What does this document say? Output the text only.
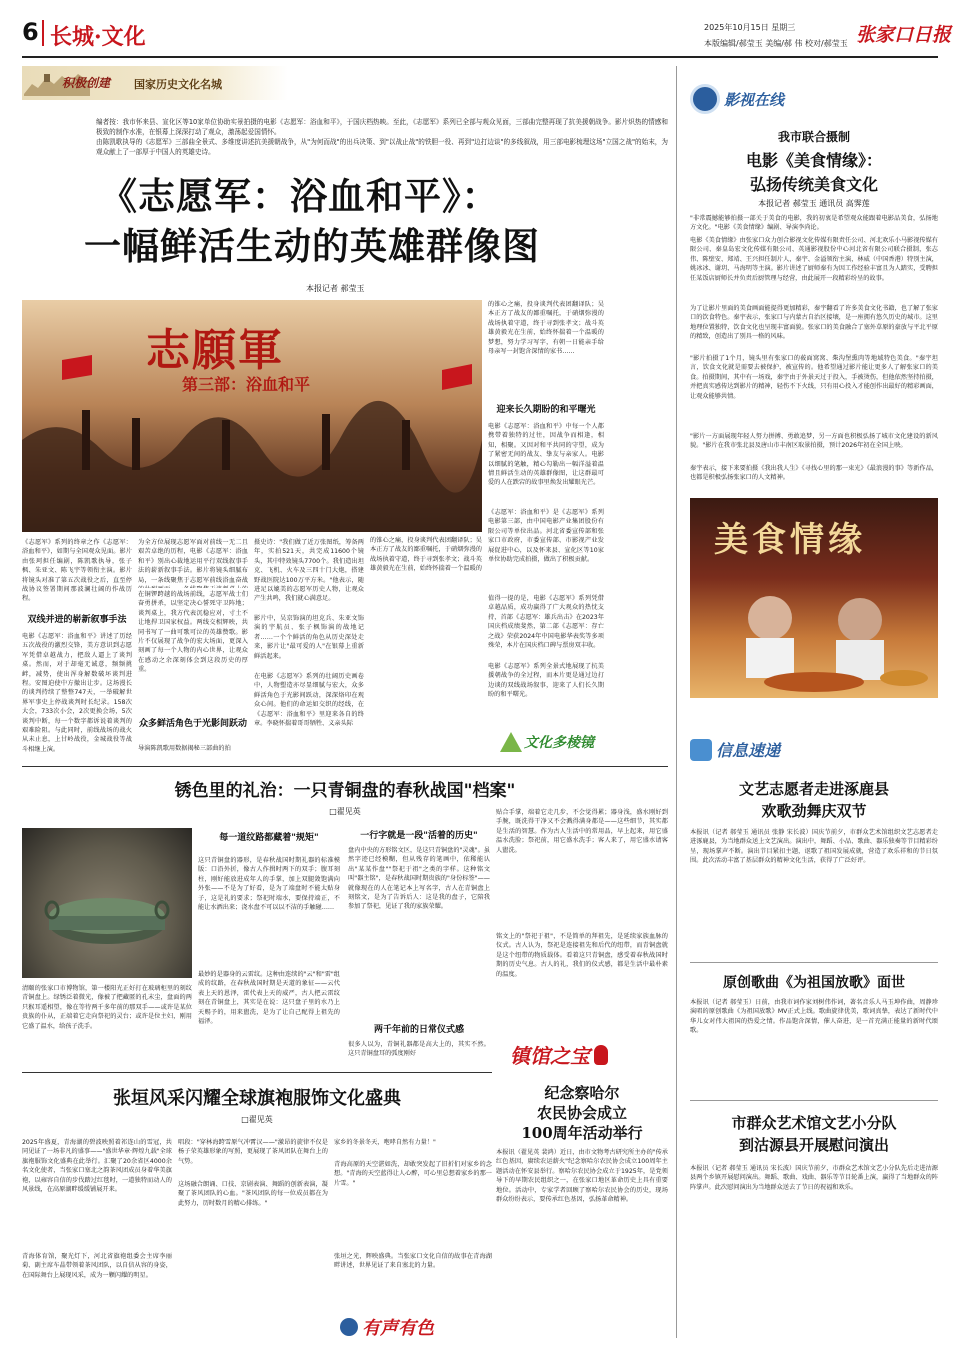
6 长城·文化	2025年10月15日 星期三
本版编辑/郝莹玉 美编/郝 伟 校对/郝莹玉 张家口日报
积极创建 国家历史文化名城
编者按：我市怀来县、宣化区等10家单位协助实景拍摄的电影《志愿军：浴血和平》，于国庆档热映。至此，《志愿军》系列已全部与观众见面，三部曲完整再现了抗美援朝战争。影片炽热的情感和极致的制作水准，在银幕上深深打动了观众，激荡起爱国情怀。
由陈凯歌执导的《志愿军》三部曲全景式、多维度讲述抗美援朝战争，从"为何而战"的出兵决策、到"以战止战"的铁胆一役、再到"边打边谈"的多线叙战，用三部电影梳理这场"立国之战"的始末，为观众献上了一部厚于中国人的英雄史诗。
《志愿军：浴血和平》：
一幅鲜活生动的英雄群像图
本报记者 郝莹玉
志願軍
第三部：浴血和平
《志愿军》系列的终章之作《志愿军：浴血和平》，如期与全国观众见面。影片由张珂担任编剧，陈凯歌执导，张子枫、朱亚文、陈飞宇等领衔主演。影片将镜头对准了第五次战役之后，直至停战协议签署期间那波澜壮阔的作战历程。
双线并进的崭新叙事手法
电影《志愿军：浴血和平》讲述了历经五次战役的激烈交锋，美方意识到志愿军凭借卓越战力，把敌人逼上了谈判桌。然而，对于却毫无诚意，频频挑衅，减势，使出浑身解数破坏谈判进程。安图迫使中方撤出让步。这场漫长的谈判持续了整整747天，一举破解世界军事史上停战谈判时长纪录。158次大会，733次小会，2次更换会场，5次谈判中断，每一个数字都诉说着谈判的艰难险阻。与此同时，前线战场的战火从未止息，上甘岭战役，金城战役等战斗相继上演。
为全方位展现志愿军面对前线一无二且艰苦卓绝的历程，电影《志愿军：浴血和平》别出心裁地运用平行双线叙事手法的崭新叙事手法。影片将镜头细腻布局，一条线聚焦于志愿军前线浴血奋战
在铜锣跨越的战场前线，志愿军战士们奋勇拼杀，以坚定决心誓死守卫阵地；谈判桌上，我方代表沉稳应对，寸土不让地捍卫国家权益。两线交相辉映，共同书写了一曲可歌可泣的英雄赞歌。影片不仅展现了战争的宏大场面，更深入刻画了每一个人物的内心世界，让观众在感动之余深刻体会到这段历史的厚重。
众多鲜活角色于光影间跃动
导演陈凯歌用数据揭秘三部曲的拍
摄史诗："我们做了近万张图纸，筹备两年，实拍521天，共完成11600个镜头，其中特效镜头7700个。我们造出坦克、飞机、火车及三四十门大炮，搭建野战医院达100万平方米。"他表示，随进足以媲美的志愿军历史人物，让观众产生共鸣，我们就心满意足。
影片中，吴京饰演的坦克兵、朱亚文饰演的宇航员、张子枫饰演的战地记者……一个个鲜活的角色从历史深处走来，影片让"最可爱的人"在银幕上重新鲜活起来。
在电影《志愿军》系列的壮阔历史画卷中，人物塑造亦尽显细腻与宏大，众多鲜活角色于光影间跃动，深深烙印在观众心间。他们的命运如交织的经线，在《志愿军：浴血和平》里迎来各自的终章。李晓怀揣着哥哥牺牲、义亲头际
的锥心之痛，投身谈判代表团翻译队；吴本正方了战友的鄙重嘱托，于硝烟弥漫的战场执着守道，终于寻到张孝文；战斗英雄黄毅光在生前，始终怀揣着一个温暖的
的锥心之痛，投身谈判代表团翻译队；吴本正方了战友的鄙重嘱托，于硝烟弥漫的战场执着守道，终于寻到张孝文；战斗英雄黄毅光在生前，始终怀揣着一个温暖的梦想，努力学习写字，有朝一日能亲手给母亲写一封饱含深情的家书……
迎来长久期盼的和平曙光
电影《志愿军：浴血和平》中每一个人都携带着独特的过往，因战争而相逢，相知，相聚。又因对和平共同的守望，成为了紧密无间的战友、挚友与亲家人。电影以细腻的笔触，精心勾勒出一幅洋溢着温情且鲜活生动的英雄群像图，让这群最可爱的人在跌宕的故事里焕发出耀眼光芒。
《志愿军：浴血和平》是《志愿军》系列电影第三部，由中国电影产业集团股份有限公司等单位出品。河北省委宣传部和张家口市政府，市委宣传部、市影视产业发展促进中心，以及怀来县、宣化区等10家单位协助完成拍摄，做出了积极贡献。
值得一提的是，电影《志愿军》系列凭借卓越品质，成功赢得了广大观众的热忱支持，首部《志愿军：雄兵出击》在2023年国庆档成绩斐然，第二部《志愿军：存亡之战》荣获2024年中国电影华表奖等多项殊荣，本片在国庆档口碑与票房双丰收。
电影《志愿军》系列全景式地展现了抗美援朝战争的全过程，而本片更是通过边打边谈的双线战场叙事，迎来了人们长久期盼的和平曙光。
影视在线
我市联合摄制
电影《美食情缘》：
弘扬传统美食文化
本报记者 郝莹玉 通讯员 高霁莲
"非常震撼能够拍摄一部关于美食的电影，我的初衷是希望观众能跟着电影品美食，弘扬地方文化。"电影《美食情缘》编剧、导演李尚论。
电影《美食情缘》由张家口众力创合影视文化传媒有限责任公司、河北欢乐小马影视传媒有限公司、秦皇岛宏文化传媒有限公司、英通影视股份中心河北省有限公司联合摄制，张志伟、陈壁安、郑靖、王兴担任制片人，秦宇、金溢领衔主演，林威（中国香港）特别主演，姚冰冰、谢玥、马海明等主演。影片讲述了厨师秦有为因工作经验丰富且为人踏实，受聘担任某饭店厨师长并负责后厨管理与经营，由此展开一段精彩纷呈的故事。
为了让影片里面的美食画面能提得更加精彩，秦宇翻看了许多美食文化书籍，也了解了张家口的饮食特色。秦宇表示，张家口与内蒙古自治区接壤，是一座拥有悠久历史的城市。这里地理位置独特，饮食文化也呈现丰富面貌。张家口的美食融合了塞外草原的豪放与平北平原的精致，创造出了别具一格的风味。
"影片拍摄了1个月，镜头里有张家口的莜面窝窝、柴沟堡熏肉等地域特色美食。"秦宇坦言，饮食文化就是需要去被保护，被宣传的。他希望通过影片能让更多人了解张家口的美食。拍摄期间，其中有一场戏，秦宇由于外景天过于投入，手被烫伤，但他依然坚持拍摄，并把真实感传达到影片的精神，轻伤不下火线，只有用心投入才能创作出最好的精彩画面，让观众能够共情。
"影片一方面展现年轻人努力拼搏、勇敢追梦，另一方面也积极弘扬了城市文化建设的新风貌。"影片在我市张北县及唐山市丰南区取景拍摄，预计2026年初在全国上映。
秦宇表示，接下来要拍摄《我出我人生》《寻找心里的那一束光》《最浪漫的事》等新作品，也都是积极弘扬张家口的人文精神。
美食情缘
文化多棱镜
锈色里的礼治：一只青铜盘的春秋战国"档案"
□翟见英
清颐的张家口市博物馆，第一楼阳光正好打在玻璃柜里的刻纹青铜盘上。绿锈泛着微光，像被了把藏匿的孔末尘，盘面的两只猴耳遥相望，像在等待两千多年前的那双手——或许是某位贵族的仆从，正端着它走向祭祀的灵台；或许是位主妇，刚用它盛了温水，给孩子洗手。
每一道纹路都藏着"规矩"
这只青铜盘的器形，是春秋战国时期礼器的标准模版：口沿外折，像古人作揖时两下的双手；腹耳刻柱，刚好能放进成年人的手掌，加上双腿敛饱满向外张——不是为了好看，是为了端盘时不能太贴身子，这是礼的要求；祭祀时端水，要保持端正，不能让水洒出来；浇水盘不可以以不洁的手触碰……
最妙的是器身的云雷纹。这种由连续的"云"和"雷"组成的纹路，在春秋战国时期是天道的象征——云代表上天的恩泽，雷代表上天的威严，古人把云雷纹刻在青铜盘上，其实是在说：这只盘子里的水乃上天赐予的，用来盥洗，是为了让自己配得上祖先的福泽。
一行字就是一段"活着的历史"
盘内中央的方形铭文区，是这只青铜盘的"灵魂"。虽然字迹已经模糊，但从残存的笔画中，依稀能认出"某某作盘""祭祀于祖"之类的字样。这种铭文叫"器主铭"，是春秋战国时期贵族的"身份标签"——就像现在的人在笔记本上写名字，古人在青铜盘上刻铭文，是为了告诉后人：这是我的盘子，它陪我参加了祭祀，见证了我的家族荣耀。
两千年前的日常仪式感
很多人以为，青铜礼器都是高大上的，其实不然。这只青铜盘耳的弧度刚好
贴合手掌，端着它走几步，不会觉得累；器身浅，盛水刚好到手腕，既洗得干净又不会溅得满身都是——这些细节，其实都是生活的智慧。作为古人生活中的常用品，早上起来，用它盛温水洗脸；祭祀前，用它盛水洗手；客人来了，用它盛水请客人盥洗。
铭文上的"祭祀于祖"，不是简单的拜祖先，是延续家族血脉的仪式。古人认为，祭祀是连接祖先和后代的纽带，而青铜盘就是这个纽带的物质载体。看着这只青铜盘，感受着春秋战国时期的历史气息。古人的礼，我们的仪式感，都是生活中最朴素的温度。
镇馆之宝
纪念察哈尔
农民协会成立
100周年活动举行
本报讯（翟见英 裴鸿）近日，由市文物考古研究所主办的"传承红色基因，赓续农运薪火"纪念察哈尔农民协会成立100周年主题活动在怀安县举行。察哈尔农民协会成立于1925年，是党领导下的早期农民组织之一，在张家口地区革命历史上具有重要地位。活动中，专家学者回顾了察哈尔农民协会的历史，现场群众纷纷表示，要传承红色基因，弘扬革命精神。
张垣风采闪耀全球旗袍服饰文化盛典
□翟见英
2025年盛夏，青海湖的碧波映照着祁连山的雪冠，共同见证了一场非凡的盛事——"盛世华章·辉煌九载"全球旗袍服饰文化盛典在此举行。汇聚了20余省区4000余名文化使者，当张家口塞北之韵茶风团成员身着华美旗袍，以雍容自信的步伐踏过红毯时，一道独特而动人的风景线，在高原湖畔缓缓铺展开来。
青海体育馆，聚光灯下，河北省旗袍组委会主席李丽菊、副主席车晶带领着茶风团队，以自信从容的身姿，在国际舞台上展现风采，成为一颗闪耀的明星。
唱段："穿林海跨雪原气冲霄汉——"激昂的旋律不仅是杨子荣英雄形象的写照，更展现了茶风团队在舞台上的气势。
这场融合朗诵、口技、京剧表演、舞蹈的创新表演，凝聚了茶风团队的心血。"茶风团队的每一位成员都在为此努力，历时数月的精心排练。"
家乡的冬景冬天，咆哮自然有力量！"
青海高原的天空湛如洗，却敢突发起了旧折们对家乡的念想。"青海的天空蓝得让人心醉，可心里总想着家乡的那一片雪。"
张垣之光，辉映盛典。当张家口文化自信的故事在青海湖畔讲述，世界见证了来自塞北的力量。
有声有色
信息速递
文艺志愿者走进涿鹿县
欢歌劲舞庆双节
本报讯（记者 郝莹玉 通讯员 张静 宋长波）国庆节前夕，市群众艺术馆组织文艺志愿者走进涿鹿县，为当地群众送上文艺演出。演出中，舞蹈、小品、歌曲、器乐独奏等节目精彩纷呈，现场掌声不断。演出节目紧扣主题，讴歌了祖国发展成就，营造了欢乐祥和的节日氛围。此次活动丰富了基层群众的精神文化生活，获得了广泛好评。
原创歌曲《为祖国放歌》面世
本报讯（记者 郝莹玉）日前，由我市词作家刘树伟作词，著名音乐人马玉坤作曲，周静珍演唱的原创歌曲《为祖国放歌》MV正式上线。歌曲旋律优美，歌词真挚，表达了新时代中华儿女对伟大祖国的热爱之情。作品饱含深情，催人奋进，是一首充满正能量的新时代颂歌。
市群众艺术馆文艺小分队
到沽源县开展慰问演出
本报讯（记者 郝莹玉 通讯员 宋长波）国庆节前夕，市群众艺术馆文艺小分队先后走进沽源县两个乡镇开展慰问演出。舞蹈、歌曲、戏曲、器乐等节目轮番上演，赢得了当地群众的阵阵掌声。此次慰问演出为当地群众送去了节日的祝福和欢乐。
